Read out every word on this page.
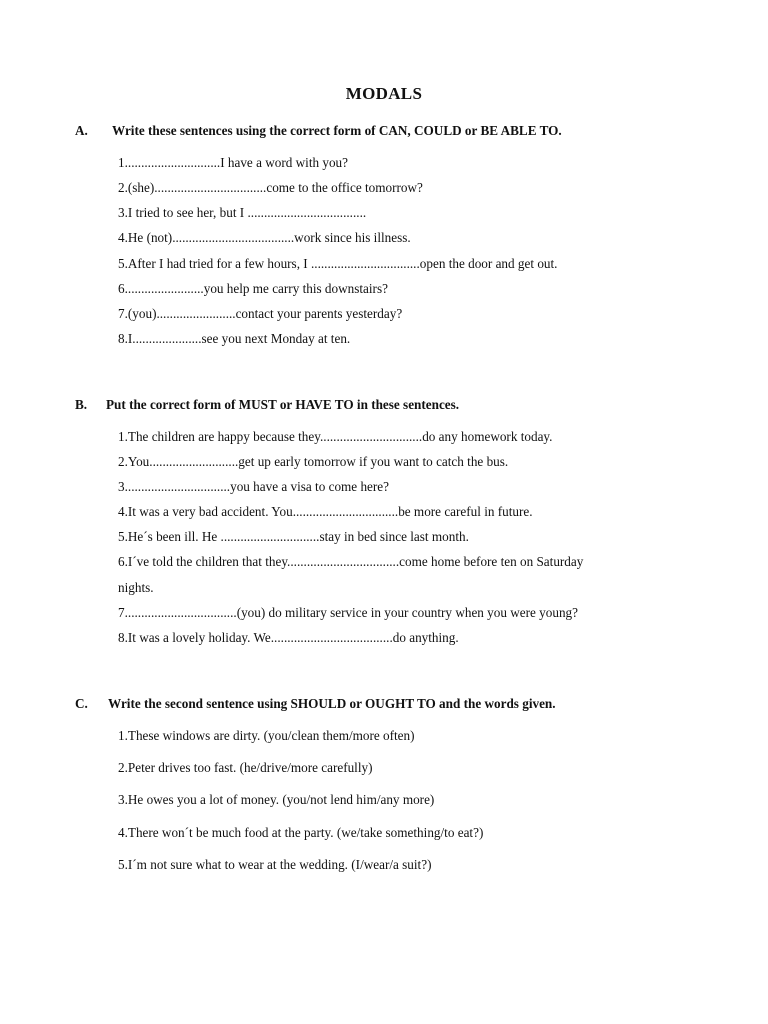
MODALS
A. Write these sentences using the correct form of CAN, COULD or BE ABLE TO.
1.............................I have a word with you?
2.(she)..................................come to the office tomorrow?
3.I tried to see her, but I ....................................
4.He (not).....................................work since his illness.
5.After I had tried for a few hours, I .................................open the door and get out.
6........................you help me carry this downstairs?
7.(you)........................contact your parents yesterday?
8.I.....................see you next Monday at ten.
B. Put the correct form of MUST or HAVE TO in these sentences.
1.The children are happy because they...............................do any homework today.
2.You...........................get up early tomorrow if you want to catch the bus.
3................................you have a visa to come here?
4.It was a very bad accident. You................................be more careful in future.
5.He´s been ill. He ..............................stay in bed since last month.
6.I´ve told the children that they..................................come home before ten on Saturday
nights.
7..................................(you) do military service in your country when you were young?
8.It was a lovely holiday. We.....................................do anything.
C. Write the second sentence using SHOULD or OUGHT TO and the words given.
1.These windows are dirty. (you/clean them/more often)
2.Peter drives too fast. (he/drive/more carefully)
3.He owes you a lot of money. (you/not lend him/any more)
4.There won´t be much food at the party. (we/take something/to eat?)
5.I´m not sure what to wear at the wedding. (I/wear/a suit?)
